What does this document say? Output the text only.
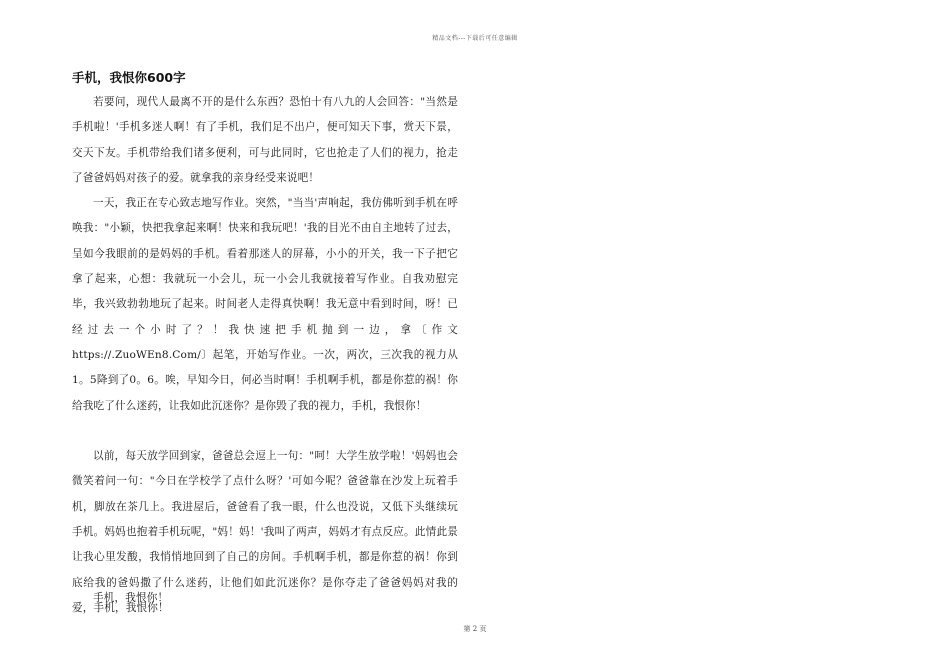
精品文档---下载后可任意编辑
手机，我恨你600字

若要问，现代人最离不开的是什么东西？恐怕十有八九的人会回答："当然是手机啦！'手机多迷人啊！有了手机，我们足不出户，便可知天下事，赏天下景，交天下友。手机带给我们诸多便利，可与此同时，它也抢走了人们的视力，抢走了爸爸妈妈对孩子的爱。就拿我的亲身经受来说吧！

一天，我正在专心致志地写作业。突然，"当当'声响起，我仿佛听到手机在呼唤我："小颖，快把我拿起来啊！快来和我玩吧！'我的目光不由自主地转了过去，呈如今我眼前的是妈妈的手机。看着那迷人的屏幕，小小的开关，我一下子把它拿了起来，心想：我就玩一小会儿，玩一小会儿我就接着写作业。自我劝慰完毕，我兴致勃勃地玩了起来。时间老人走得真快啊！我无意中看到时间，呀！已经过去一个小时了？！我快速把手机抛到一边，拿〔作文https://.ZuoWEn8.Com/〕起笔，开始写作业。一次，两次，三次我的视力从1。5降到了0。6。唉，早知今日，何必当时啊！手机啊手机，都是你惹的祸！你给我吃了什么迷药，让我如此沉迷你？是你毁了我的视力，手机，我恨你！

以前，每天放学回到家，爸爸总会逗上一句："呵！大学生放学啦！'妈妈也会微笑着问一句："今日在学校学了点什么呀？'可如今呢？爸爸靠在沙发上玩着手机，脚放在茶几上。我进屋后，爸爸看了我一眼，什么也没说，又低下头继续玩手机。妈妈也抱着手机玩呢，"妈！妈！'我叫了两声，妈妈才有点反应。此情此景让我心里发酸，我悄悄地回到了自己的房间。手机啊手机，都是你惹的祸！你到底给我的爸妈撒了什么迷药，让他们如此沉迷你？是你夺走了爸爸妈妈对我的爱，手机，我恨你！

手机，我恨你！

第 2 页
